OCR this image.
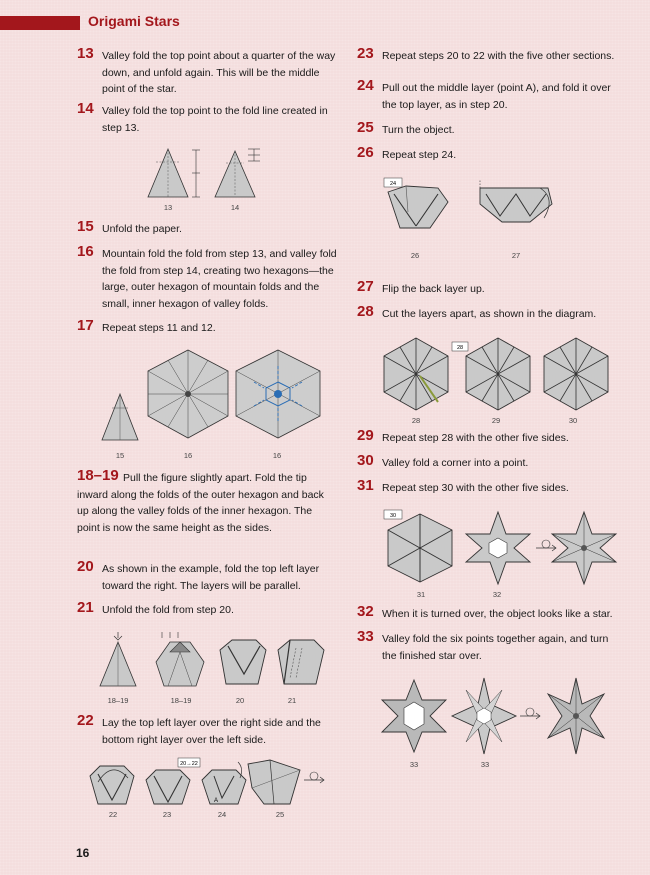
Origami Stars
13 Valley fold the top point about a quarter of the way down, and unfold again. This will be the middle point of the star.
14 Valley fold the top point to the fold line created in step 13.
13	14
15 Unfold the paper.
16 Mountain fold the fold from step 13, and valley fold the fold from step 14, creating two hexagons—the large, outer hexagon of mountain folds and the small, inner hexagon of valley folds.
17 Repeat steps 11 and 12.
15	16	16
18–19 Pull the figure slightly apart. Fold the tip inward along the folds of the outer hexagon and back up along the valley folds of the inner hexagon. The point is now the same height as the sides.
20 As shown in the example, fold the top left layer toward the right. The layers will be parallel.
21 Unfold the fold from step 20.
18–19	18–19	20	21
22 Lay the top left layer over the right side and the bottom right layer over the left side.
20→22
A
22	23	24	25
23 Repeat steps 20 to 22 with the five other sections.
24 Pull out the middle layer (point A), and fold it over the top layer, as in step 20.
25 Turn the object.
26 Repeat step 24.
24
26	27
27 Flip the back layer up.
28 Cut the layers apart, as shown in the diagram.
28
28	29	30
29 Repeat step 28 with the other five sides.
30 Valley fold a corner into a point.
31 Repeat step 30 with the other five sides.
30
31	32
32 When it is turned over, the object looks like a star.
33 Valley fold the six points together again, and turn the finished star over.
33	33
16
